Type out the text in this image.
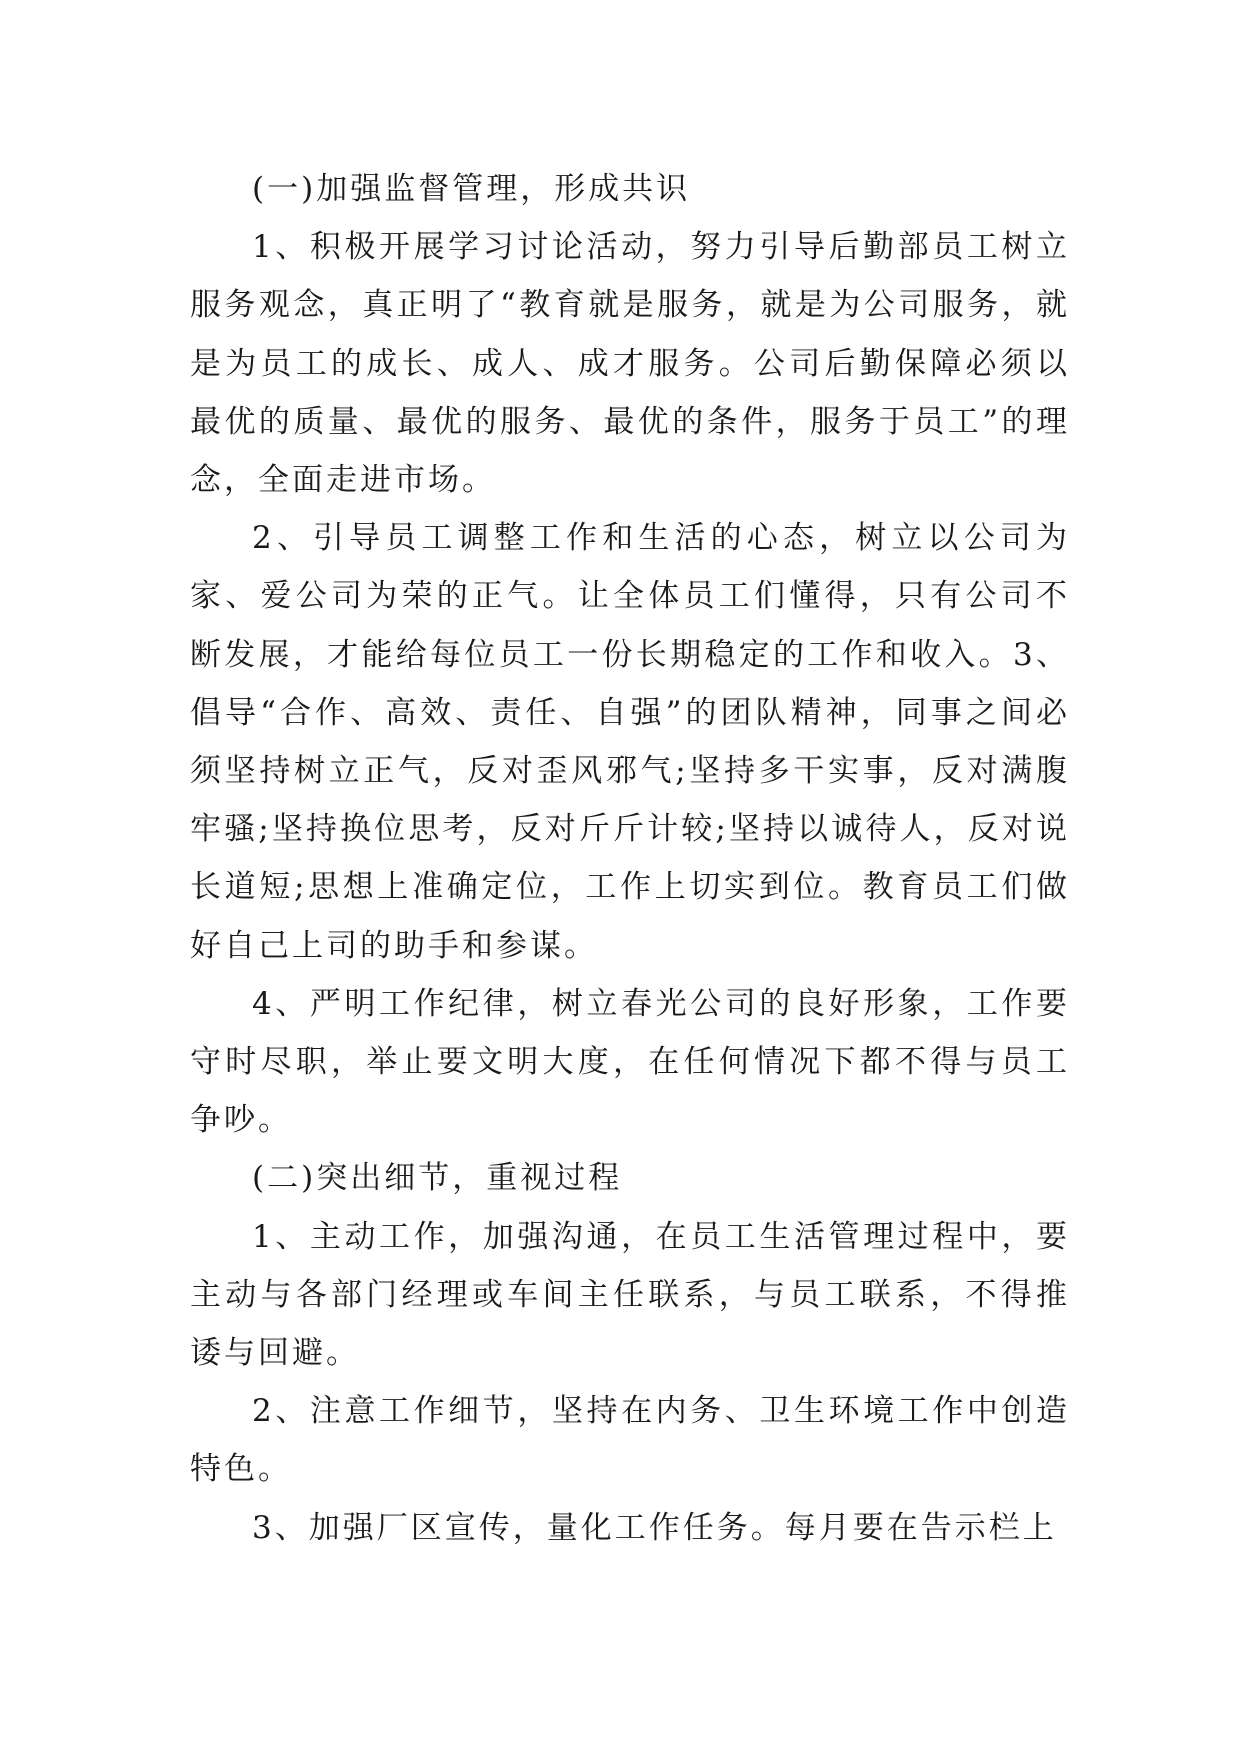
(一)加强监督管理，形成共识

1、积极开展学习讨论活动，努力引导后勤部员工树立服务观念，真正明了“教育就是服务，就是为公司服务，就是为员工的成长、成人、成才服务。公司后勤保障必须以最优的质量、最优的服务、最优的条件，服务于员工”的理念，全面走进市场。

2、引导员工调整工作和生活的心态，树立以公司为家、爱公司为荣的正气。让全体员工们懂得，只有公司不断发展，才能给每位员工一份长期稳定的工作和收入。3、倡导“合作、高效、责任、自强”的团队精神，同事之间必须坚持树立正气，反对歪风邪气;坚持多干实事，反对满腹牢骚;坚持换位思考，反对斤斤计较;坚持以诚待人，反对说长道短;思想上准确定位，工作上切实到位。教育员工们做好自己上司的助手和参谋。

4、严明工作纪律，树立春光公司的良好形象，工作要守时尽职，举止要文明大度，在任何情况下都不得与员工争吵。

(二)突出细节，重视过程

1、主动工作，加强沟通，在员工生活管理过程中，要主动与各部门经理或车间主任联系，与员工联系，不得推诿与回避。

2、注意工作细节，坚持在内务、卫生环境工作中创造特色。

3、加强厂区宣传，量化工作任务。每月要在告示栏上
